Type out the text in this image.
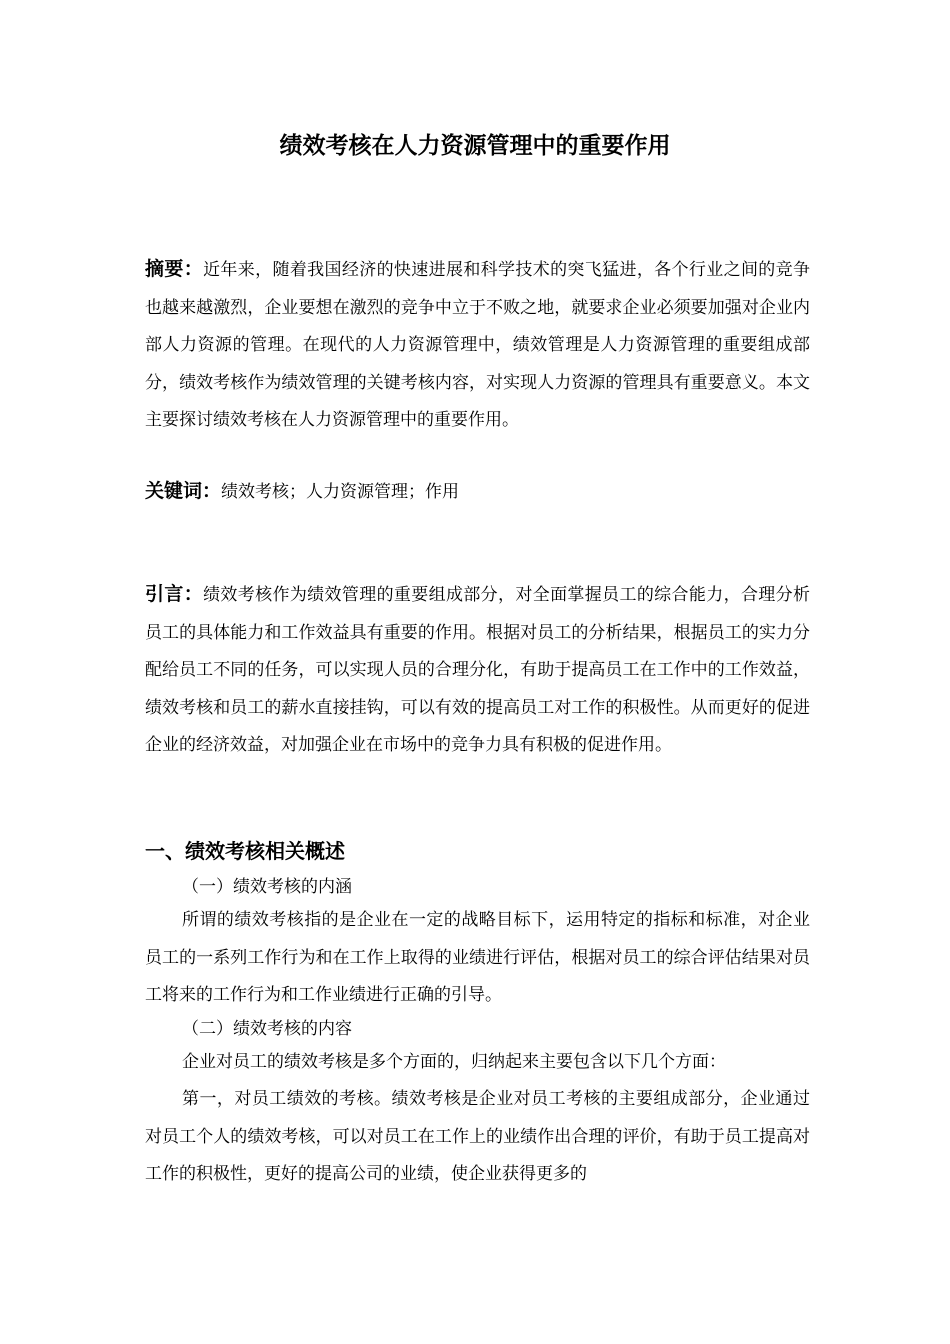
绩效考核在人力资源管理中的重要作用
摘要：近年来，随着我国经济的快速进展和科学技术的突飞猛进，各个行业之间的竞争也越来越激烈，企业要想在激烈的竞争中立于不败之地，就要求企业必须要加强对企业内部人力资源的管理。在现代的人力资源管理中，绩效管理是人力资源管理的重要组成部分，绩效考核作为绩效管理的关键考核内容，对实现人力资源的管理具有重要意义。本文主要探讨绩效考核在人力资源管理中的重要作用。
关键词：绩效考核；人力资源管理；作用
引言：绩效考核作为绩效管理的重要组成部分，对全面掌握员工的综合能力，合理分析员工的具体能力和工作效益具有重要的作用。根据对员工的分析结果，根据员工的实力分配给员工不同的任务，可以实现人员的合理分化，有助于提高员工在工作中的工作效益，绩效考核和员工的薪水直接挂钩，可以有效的提高员工对工作的积极性。从而更好的促进企业的经济效益，对加强企业在市场中的竞争力具有积极的促进作用。
一、绩效考核相关概述
（一）绩效考核的内涵
所谓的绩效考核指的是企业在一定的战略目标下，运用特定的指标和标准，对企业员工的一系列工作行为和在工作上取得的业绩进行评估，根据对员工的综合评估结果对员工将来的工作行为和工作业绩进行正确的引导。
（二）绩效考核的内容
企业对员工的绩效考核是多个方面的，归纳起来主要包含以下几个方面：
第一，对员工绩效的考核。绩效考核是企业对员工考核的主要组成部分，企业通过对员工个人的绩效考核，可以对员工在工作上的业绩作出合理的评价，有助于员工提高对工作的积极性，更好的提高公司的业绩，使企业获得更多的
